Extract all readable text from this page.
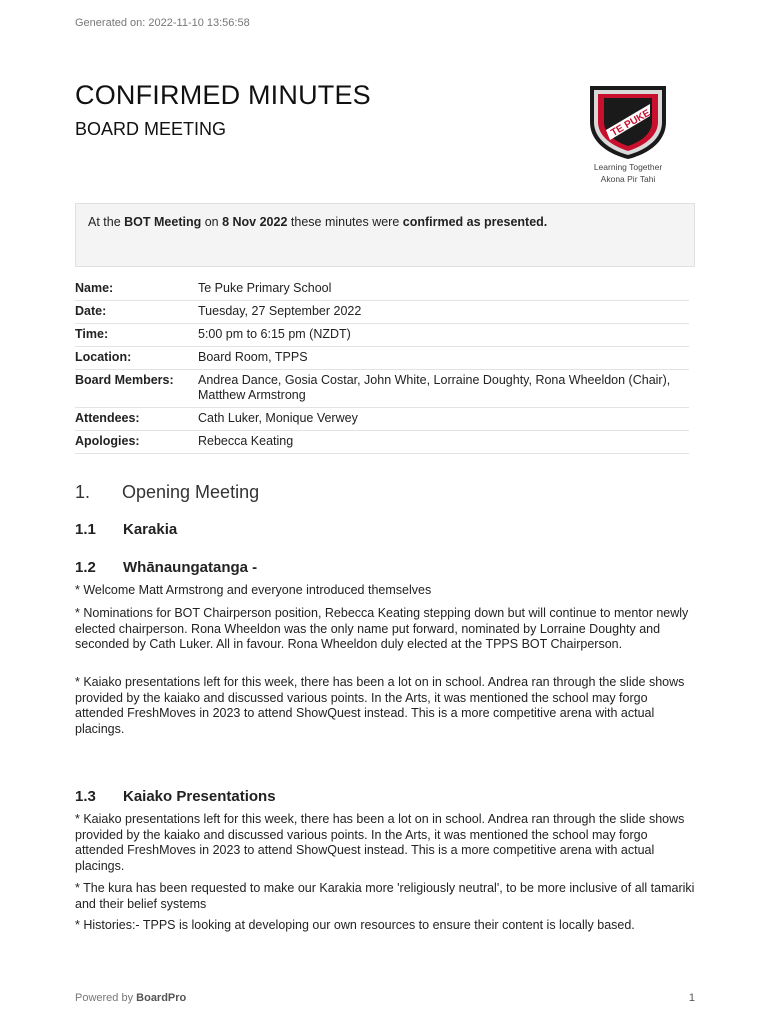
Generated on: 2022-11-10 13:56:58
CONFIRMED MINUTES
BOARD MEETING	TE PUKE
Learning Together
Akona Pir Tahi
At the BOT Meeting on 8 Nov 2022 these minutes were confirmed as presented.
Name:	Te Puke Primary School
Date:	Tuesday, 27 September 2022
Time:	5:00 pm to 6:15 pm (NZDT)
Location:	Board Room, TPPS
Board Members:	Andrea Dance, Gosia Costar, John White, Lorraine Doughty, Rona Wheeldon (Chair), Matthew Armstrong
Attendees:	Cath Luker, Monique Verwey
Apologies:	Rebecca Keating
1. Opening Meeting
1.1 Karakia
1.2 Whānaungatanga -
* Welcome Matt Armstrong and everyone introduced themselves
* Nominations for BOT Chairperson position, Rebecca Keating stepping down but will continue to mentor newly elected chairperson. Rona Wheeldon was the only name put forward, nominated by Lorraine Doughty and seconded by Cath Luker. All in favour. Rona Wheeldon duly elected at the TPPS BOT Chairperson.
* Kaiako presentations left for this week, there has been a lot on in school. Andrea ran through the slide shows provided by the kaiako and discussed various points. In the Arts, it was mentioned the school may forgo attended FreshMoves in 2023 to attend ShowQuest instead. This is a more competitive arena with actual placings.
1.3 Kaiako Presentations
* Kaiako presentations left for this week, there has been a lot on in school. Andrea ran through the slide shows provided by the kaiako and discussed various points. In the Arts, it was mentioned the school may forgo attended FreshMoves in 2023 to attend ShowQuest instead. This is a more competitive arena with actual placings.
* The kura has been requested to make our Karakia more 'religiously neutral', to be more inclusive of all tamariki and their belief systems
* Histories:- TPPS is looking at developing our own resources to ensure their content is locally based.
Powered by BoardPro	1
